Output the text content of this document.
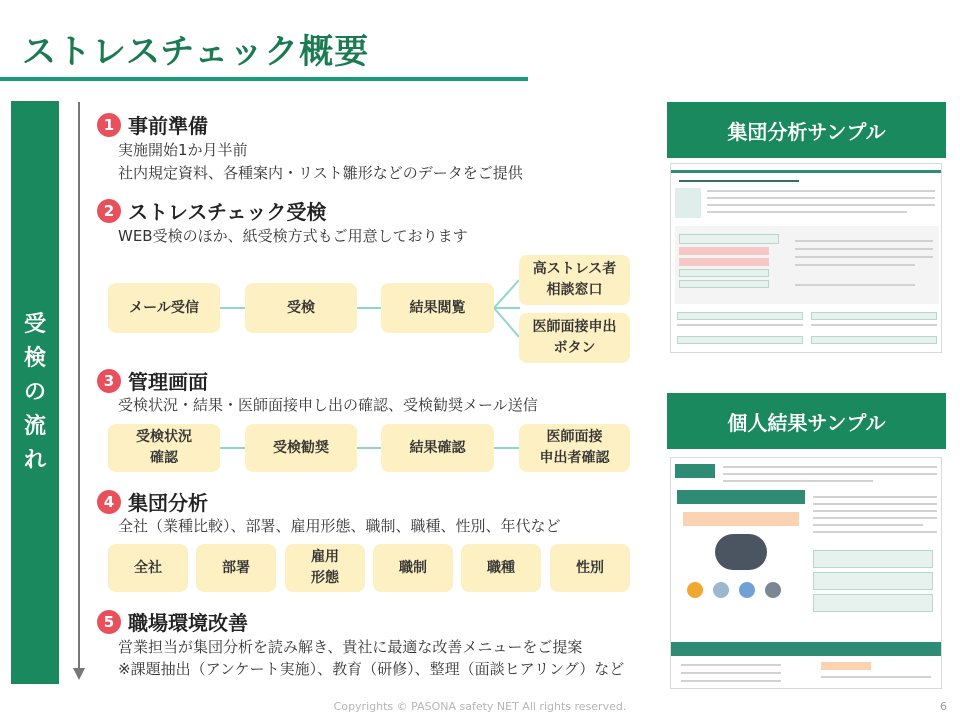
ストレスチェック概要
受
検
の
流
れ
1 事前準備
実施開始1か月半前
社内規定資料、各種案内・リスト雛形などのデータをご提供
2 ストレスチェック受検
WEB受検のほか、紙受検方式もご用意しております
メール受信	受検	結果閲覧
高ストレス者
相談窓口
医師面接申出
ボタン
3 管理画面
受検状況・結果・医師面接申し出の確認、受検勧奨メール送信
受検状況
確認
受検勧奨	結果確認
医師面接
申出者確認
4 集団分析
全社（業種比較）、部署、雇用形態、職制、職種、性別、年代など
全社	部署
雇用
形態
職制	職種	性別
5 職場環境改善
営業担当が集団分析を読み解き、貴社に最適な改善メニューをご提案
※課題抽出（アンケート実施）、教育（研修）、整理（面談ヒアリング）など
集団分析サンプル
個人結果サンプル
Copyrights © PASONA safety NET All rights reserved.	6
